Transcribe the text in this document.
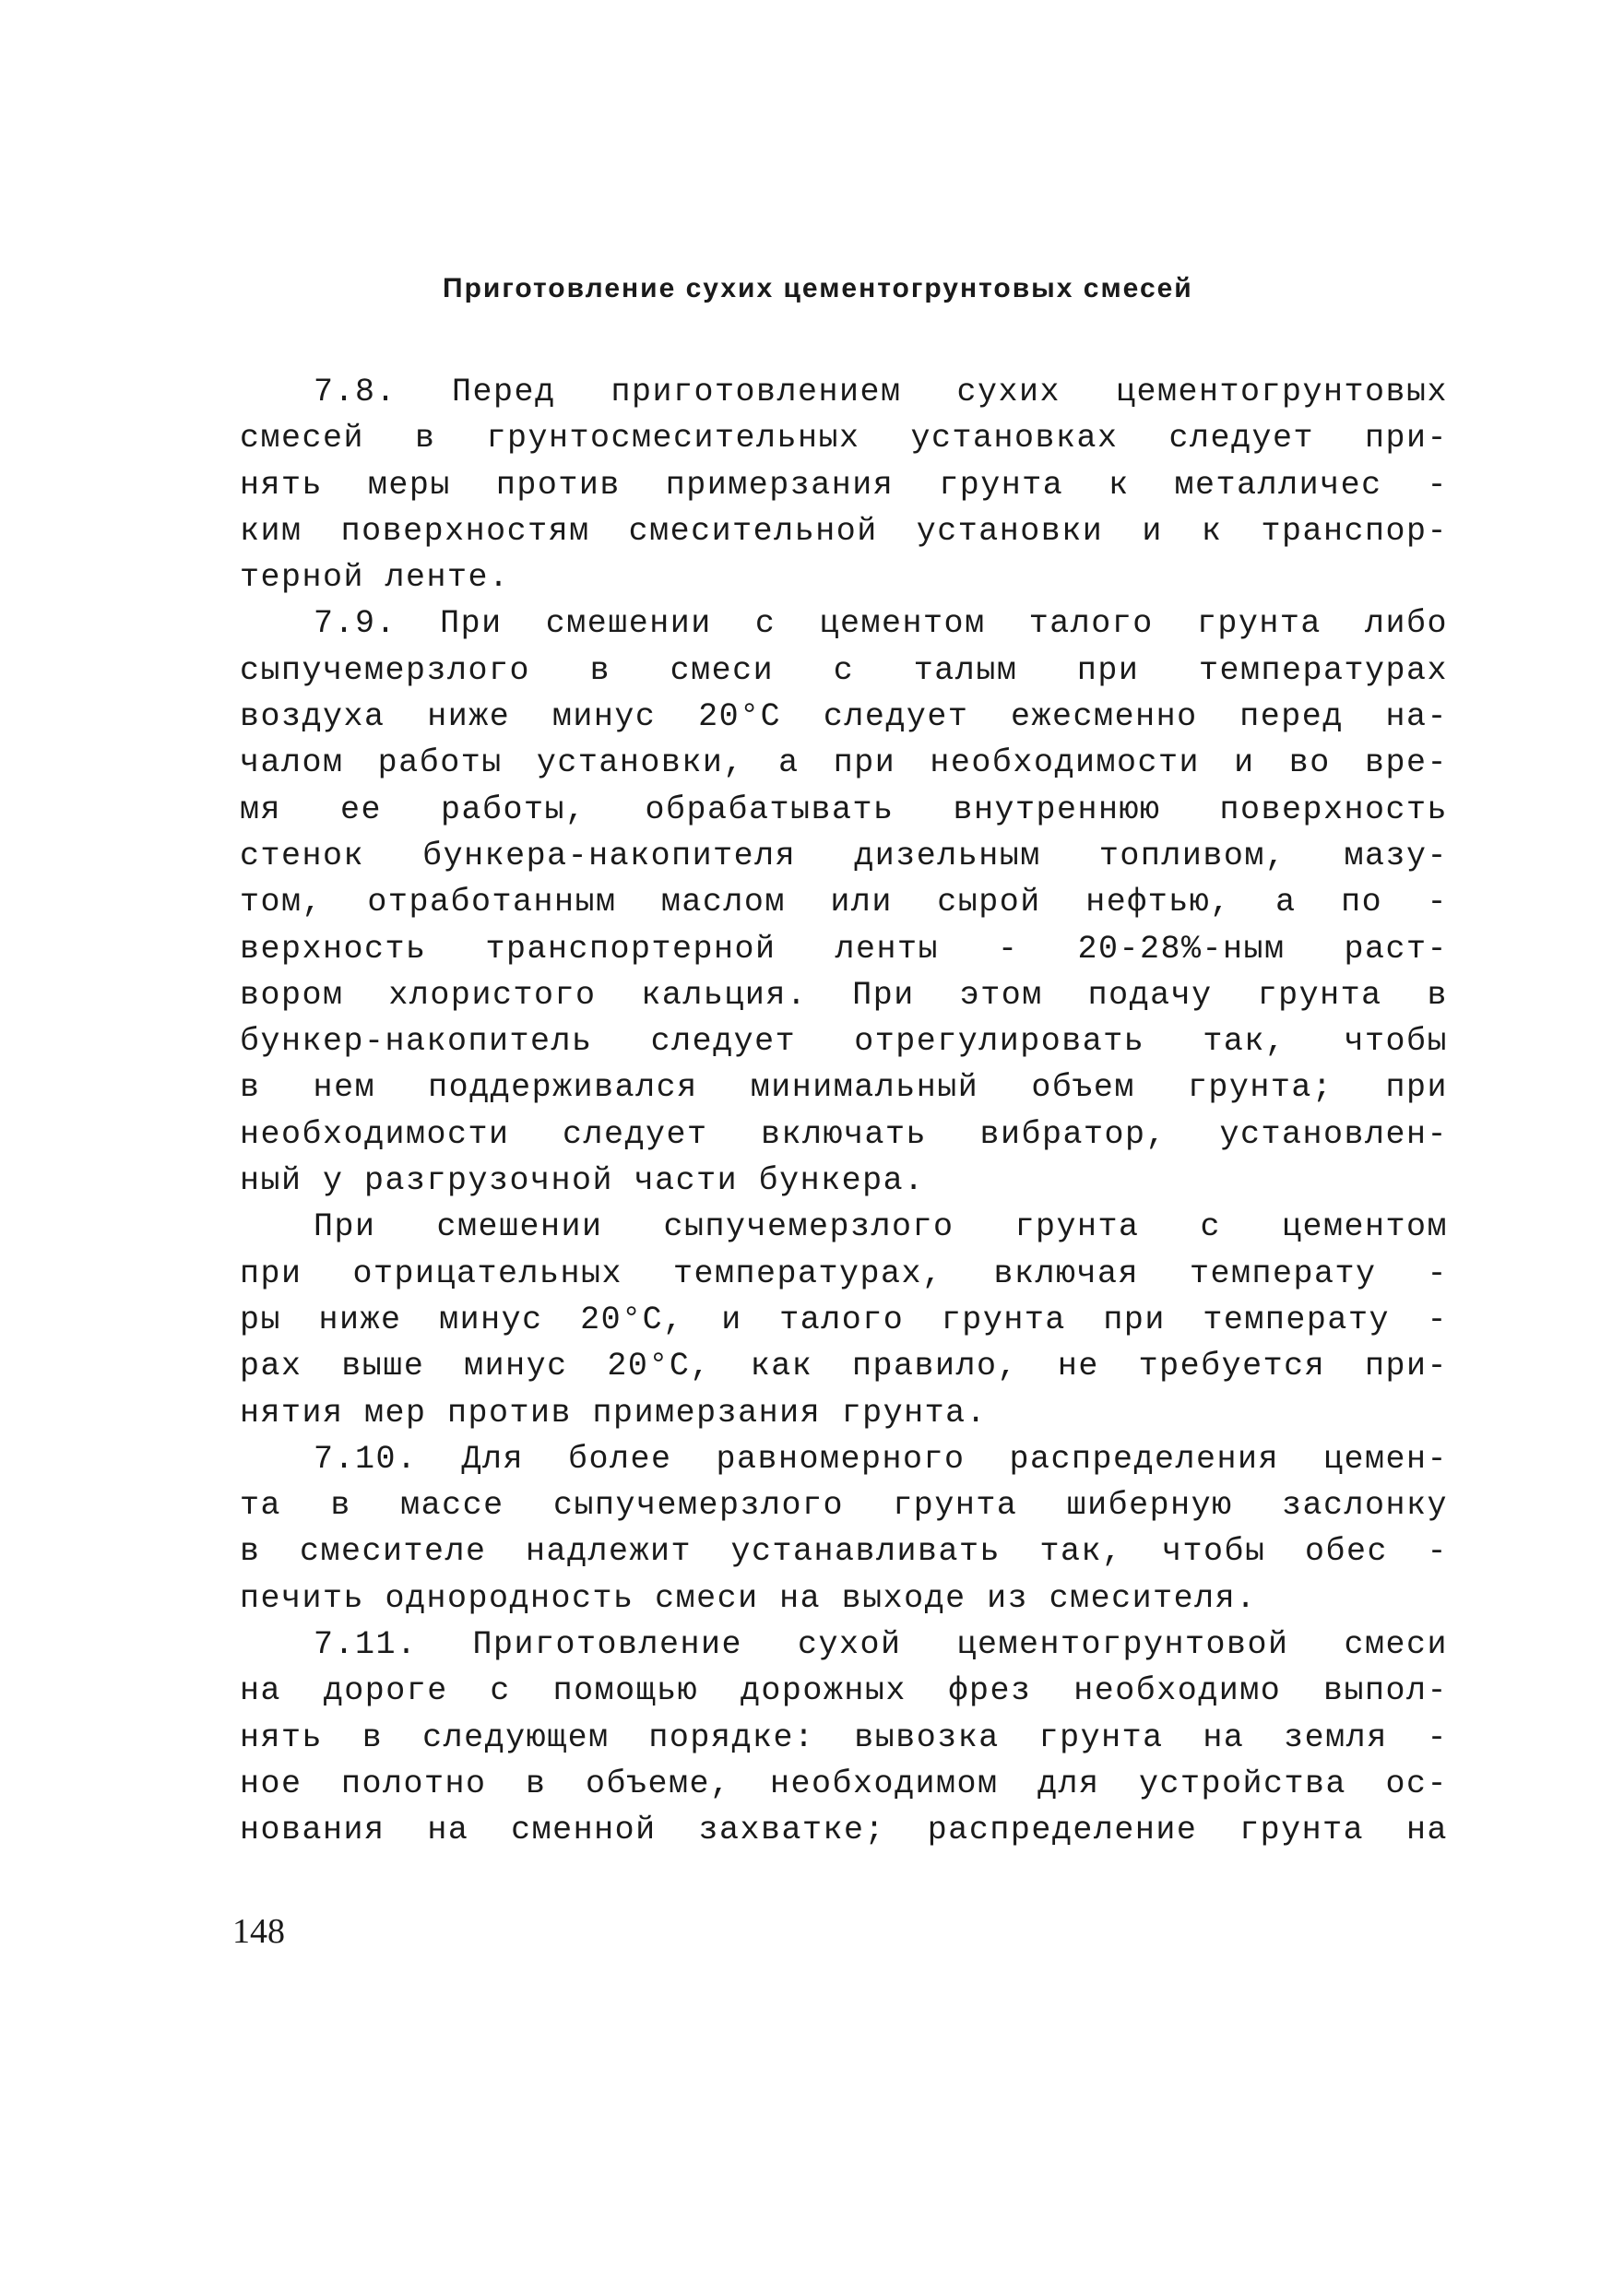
Приготовление сухих цементогрунтовых смесей
7.8. Перед приготовлением сухих цементогрунтовых
смесей в грунтосмесительных установках следует при-
нять меры против примерзания грунта к металличес -
ким поверхностям смесительной установки и к транспор-
терной ленте.
7.9. При смешении с цементом талого грунта либо
сыпучемерзлого в смеси с талым при температурах
воздуха ниже минус 20°С следует ежесменно перед на-
чалом работы установки, а при необходимости и во вре-
мя ее работы, обрабатывать внутреннюю поверхность
стенок бункера-накопителя дизельным топливом, мазу-
том, отработанным маслом или сырой нефтью, а по -
верхность транспортерной ленты - 20-28%-ным раст-
вором хлористого кальция. При этом подачу грунта в
бункер-накопитель следует отрегулировать так, чтобы
в нем поддерживался минимальный объем грунта; при
необходимости следует включать вибратор, установлен-
ный у разгрузочной части бункера.
При смешении сыпучемерзлого грунта с цементом
при отрицательных температурах, включая температу -
ры ниже минус 20°С, и талого грунта при температу -
рах выше минус 20°С, как правило, не требуется при-
нятия мер против примерзания грунта.
7.10. Для более равномерного распределения цемен-
та в массе сыпучемерзлого грунта шиберную заслонку
в смесителе надлежит устанавливать так, чтобы обес -
печить однородность смеси на выходе из смесителя.
7.11. Приготовление сухой цементогрунтовой смеси
на дороге с помощью дорожных фрез необходимо выпол-
нять в следующем порядке: вывозка грунта на земля -
ное полотно в объеме, необходимом для устройства ос-
нования на сменной захватке; распределение грунта на
148
